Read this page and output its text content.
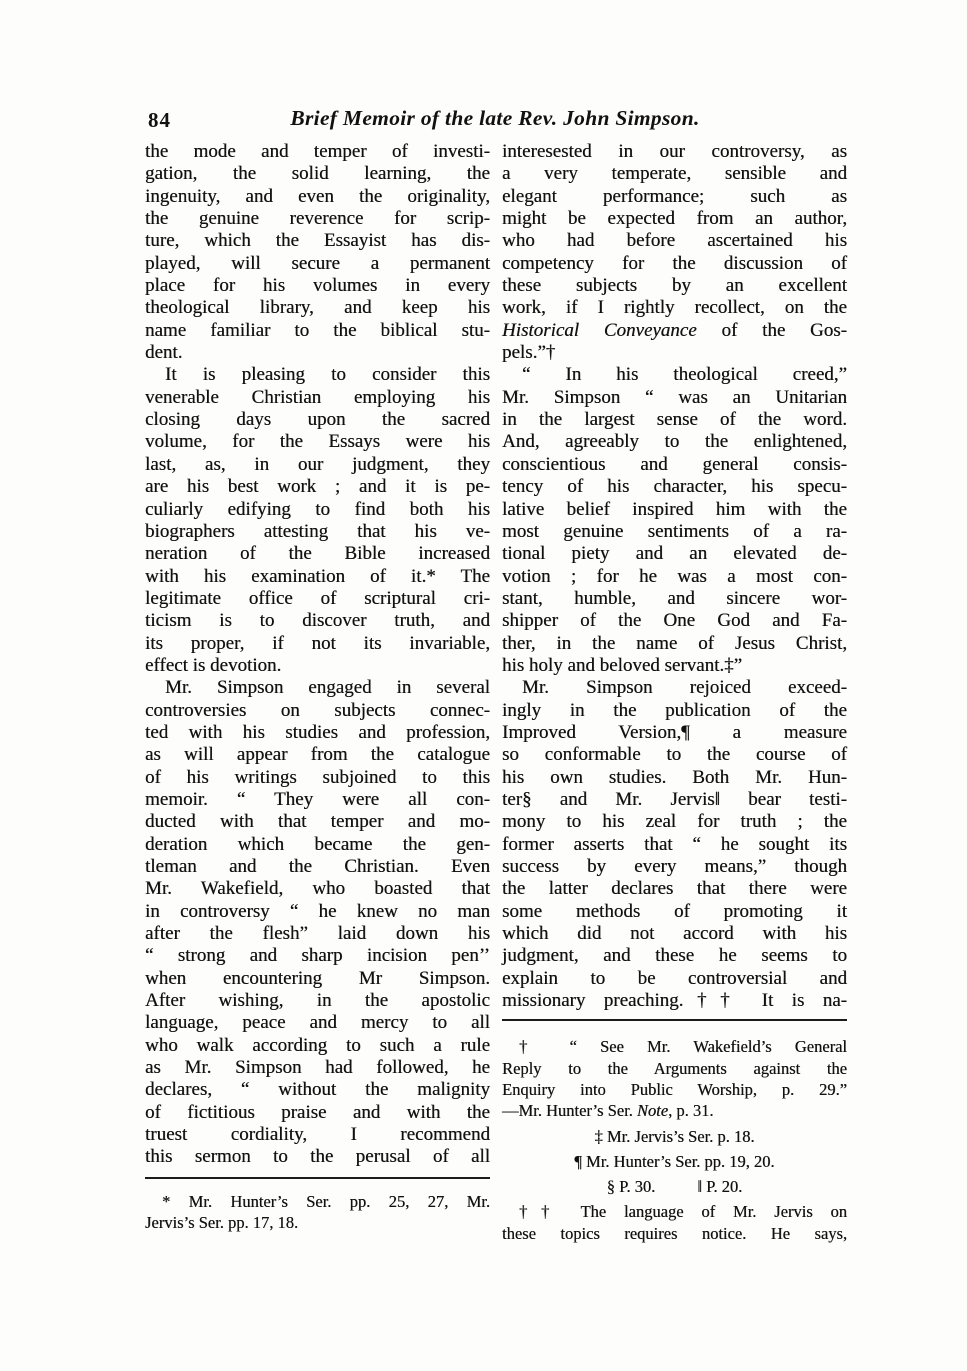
84	Brief Memoir of the late Rev. John Simpson.
the mode and temper of investi-
gation, the solid learning, the
ingenuity, and even the originality,
the genuine reverence for scrip-
ture, which the Essayist has dis-
played, will secure a permanent
place for his volumes in every
theological library, and keep his
name familiar to the biblical stu-
dent.
It is pleasing to consider this
venerable Christian employing his
closing days upon the sacred
volume, for the Essays were his
last, as, in our judgment, they
are his best work ; and it is pe-
culiarly edifying to find both his
biographers attesting that his ve-
neration of the Bible increased
with his examination of it.* The
legitimate office of scriptural cri-
ticism is to discover truth, and
its proper, if not its invariable,
effect is devotion.
Mr. Simpson engaged in several
controversies on subjects connec-
ted with his studies and profession,
as will appear from the catalogue
of his writings subjoined to this
memoir. “ They were all con-
ducted with that temper and mo-
deration which became the gen-
tleman and the Christian. Even
Mr. Wakefield, who boasted that
in controversy “ he knew no man
after the flesh” laid down his
“ strong and sharp incision pen’’
when encountering Mr Simpson.
After wishing, in the apostolic
language, peace and mercy to all
who walk according to such a rule
as Mr. Simpson had followed, he
declares, “ without the malignity
of fictitious praise and with the
truest cordiality, I recommend
this sermon to the perusal of all
* Mr. Hunter’s Ser. pp. 25, 27, Mr.
Jervis’s Ser. pp. 17, 18.
interesested in our controversy, as
a very temperate, sensible and
elegant performance; such as
might be expected from an author,
who had before ascertained his
competency for the discussion of
these subjects by an excellent
work, if I rightly recollect, on the
Historical Conveyance of the Gos-
pels.”†
“ In his theological creed,”
Mr. Simpson “ was an Unitarian
in the largest sense of the word.
And, agreeably to the enlightened,
conscientious and general consis-
tency of his character, his specu-
lative belief inspired him with the
most genuine sentiments of a ra-
tional piety and an elevated de-
votion ; for he was a most con-
stant, humble, and sincere wor-
shipper of the One God and Fa-
ther, in the name of Jesus Christ,
his holy and beloved servant.‡”
Mr. Simpson rejoiced exceed-
ingly in the publication of the
Improved Version,¶ a measure
so conformable to the course of
his own studies. Both Mr. Hun-
ter§ and Mr. Jervis‖ bear testi-
mony to his zeal for truth ; the
former asserts that “ he sought its
success by every means,” though
the latter declares that there were
some methods of promoting it
which did not accord with his
judgment, and these he seems to
explain to be controversial and
missionary preaching.†† It is na-
† “ See Mr. Wakefield’s General
Reply to the Arguments against the
Enquiry into Public Worship, p. 29.”
—Mr. Hunter’s Ser. Note, p. 31.
‡ Mr. Jervis’s Ser. p. 18.
¶ Mr. Hunter’s Ser. pp. 19, 20.
§ P. 30.	‖ P. 20.
†† The language of Mr. Jervis on
these topics requires notice. He says,
